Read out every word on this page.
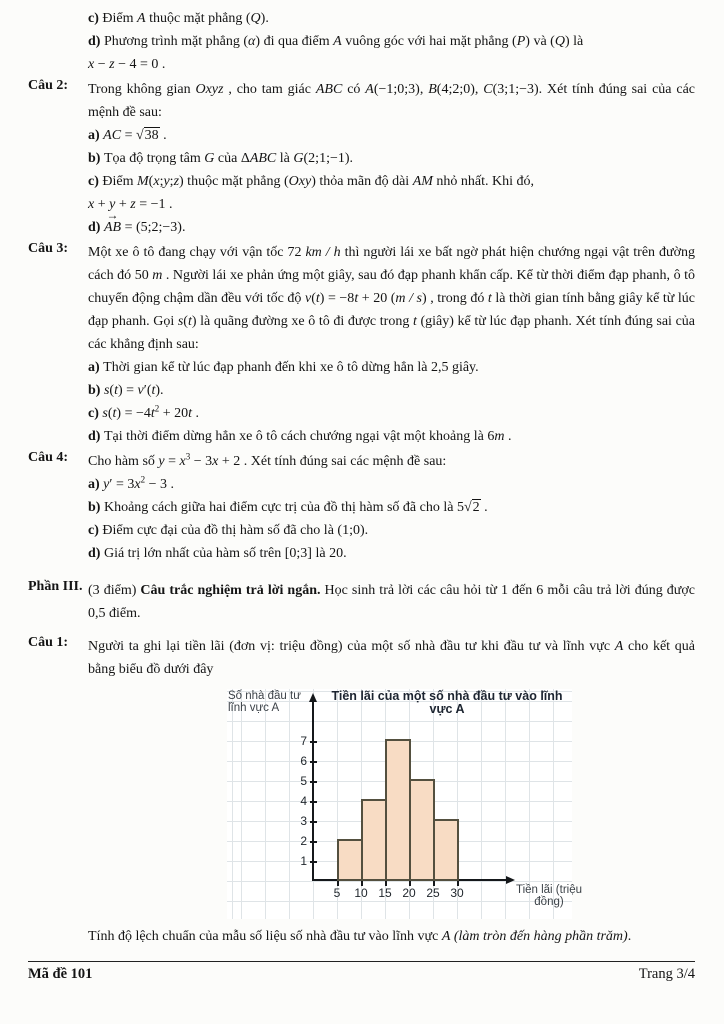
c) Điểm A thuộc mặt phẳng (Q).

d) Phương trình mặt phẳng (α) đi qua điểm A vuông góc với hai mặt phẳng (P) và (Q) là

x − z − 4 = 0 .

Câu 2:	Trong không gian Oxyz , cho tam giác ABC có A(−1;0;3), B(4;2;0), C(3;1;−3). Xét tính đúng sai của các mệnh đề sau:

a) AC = √ 38 .

b) Tọa độ trọng tâm G của ΔABC là G(2;1;−1).

c) Điểm M(x;y;z) thuộc mặt phẳng (Oxy) thỏa mãn độ dài AM nhỏ nhất. Khi đó,

x + y + z = −1 .

d) → AB = (5;2;−3).

Câu 3:	Một xe ô tô đang chạy với vận tốc 72 km / h thì người lái xe bất ngờ phát hiện chướng ngại vật trên đường cách đó 50 m . Người lái xe phản ứng một giây, sau đó đạp phanh khẩn cấp. Kể từ thời điểm đạp phanh, ô tô chuyển động chậm dần đều với tốc độ v(t) = −8t + 20 (m / s) , trong đó t là thời gian tính bằng giây kể từ lúc đạp phanh. Gọi s(t) là quãng đường xe ô tô đi được trong t (giây) kể từ lúc đạp phanh. Xét tính đúng sai của các khẳng định sau:

a) Thời gian kể từ lúc đạp phanh đến khi xe ô tô dừng hẳn là 2,5 giây.

b) s(t) = v′(t).

c) $s(t) = -4t^2 + 20t$ .

d) Tại thời điểm dừng hẳn xe ô tô cách chướng ngại vật một khoảng là 6m .

Câu 4:	Cho hàm số $y = x^3 - 3x + 2$ . Xét tính đúng sai các mệnh đề sau:

a) $y' = 3x^2 - 3$ .

b) Khoảng cách giữa hai điểm cực trị của đồ thị hàm số đã cho là 5 √ 2 .

c) Điểm cực đại của đồ thị hàm số đã cho là (1;0).

d) Giá trị lớn nhất của hàm số trên [0;3] là 20.

Phần III. (3 điểm) Câu trắc nghiệm trả lời ngắn. Học sinh trả lời các câu hỏi từ 1 đến 6 mỗi câu trả lời đúng được 0,5 điểm.

Câu 1:	Người ta ghi lại tiền lãi (đơn vị: triệu đồng) của một số nhà đầu tư khi đầu tư và lĩnh vực A cho kết quả bằng biểu đồ dưới đây

Số nhà đầu tư lĩnh vực A
Tiền lãi của một số nhà đầu tư vào lĩnh vực A
1
2
3
4
5
6
7
5	10 15 20 25 30	Tiền lãi (triệu đồng)

Tính độ lệch chuẩn của mẫu số liệu số nhà đầu tư vào lĩnh vực A (làm tròn đến hàng phần trăm).

Mã đề 101	Trang 3/4
